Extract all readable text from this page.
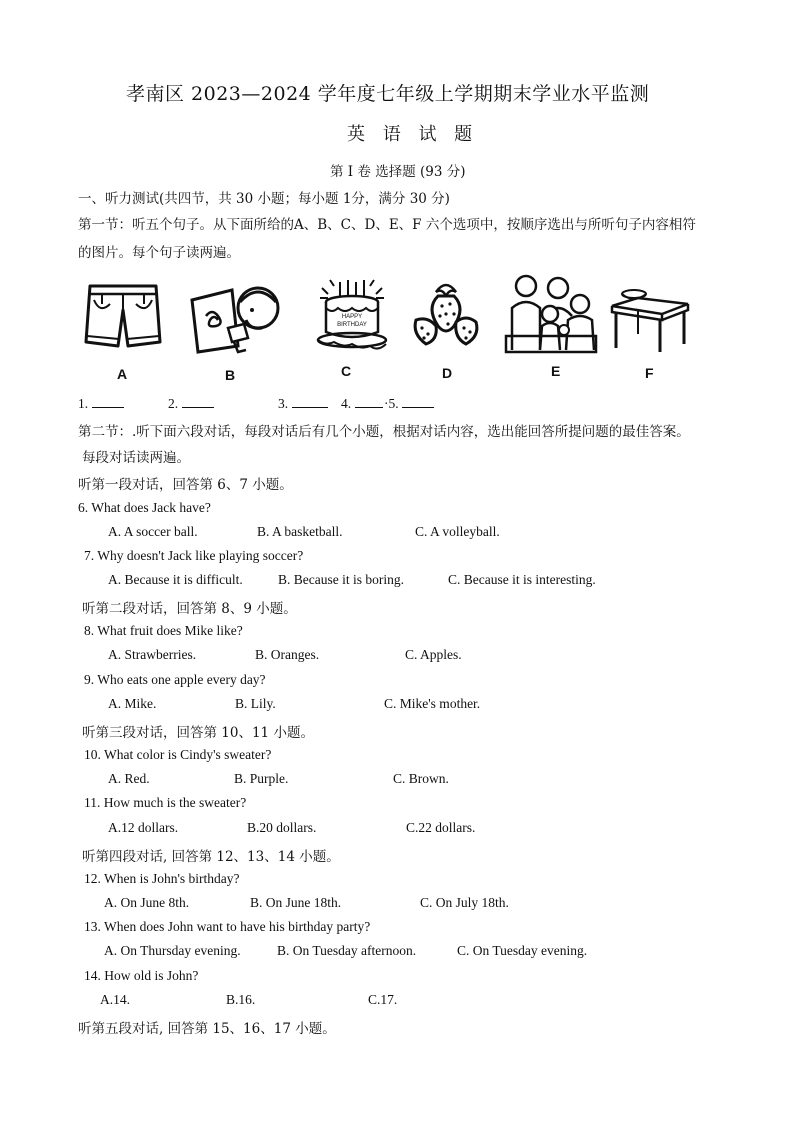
孝南区 2023—2024 学年度七年级上学期期末学业水平监测
英 语 试 题
第 I 卷 选择题 (93 分)
一、听力测试(共四节，共 30 小题；每小题 1分，满分 30 分)
第一节：听五个句子。从下面所给的A、B、C、D、E、F 六个选项中，按顺序选出与所听句子内容相符
的图片。每个句子读两遍。
HAPPY
BIRTHDAY
A	B	C	D	E	F
1.	2.	3.	4.	·5.
第二节：.听下面六段对话，每段对话后有几个小题，根据对话内容，选出能回答所提问题的最佳答案。
每段对话读两遍。
听第一段对话，回答第 6、7 小题。
6. What does Jack have?
A. A soccer ball.	B. A basketball.	C. A volleyball.
7. Why doesn't Jack like playing soccer?
A. Because it is difficult.	B. Because it is boring.	C. Because it is interesting.
听第二段对话，回答第 8、9 小题。
8. What fruit does Mike like?
A. Strawberries.	B. Oranges.	C. Apples.
9. Who eats one apple every day?
A. Mike.	B. Lily.	C. Mike's mother.
听第三段对话，回答第 10、11 小题。
10. What color is Cindy's sweater?
A. Red.	B. Purple.	C. Brown.
11. How much is the sweater?
A.12 dollars.	B.20 dollars.	C.22 dollars.
听第四段对话, 回答第 12、13、14 小题。
12. When is John's birthday?
A. On June 8th.	B. On June 18th.	C. On July 18th.
13. When does John want to have his birthday party?
A. On Thursday evening.	B. On Tuesday afternoon.	C. On Tuesday evening.
14. How old is John?
A.14.	B.16.	C.17.
听第五段对话, 回答第 15、16、17 小题。
